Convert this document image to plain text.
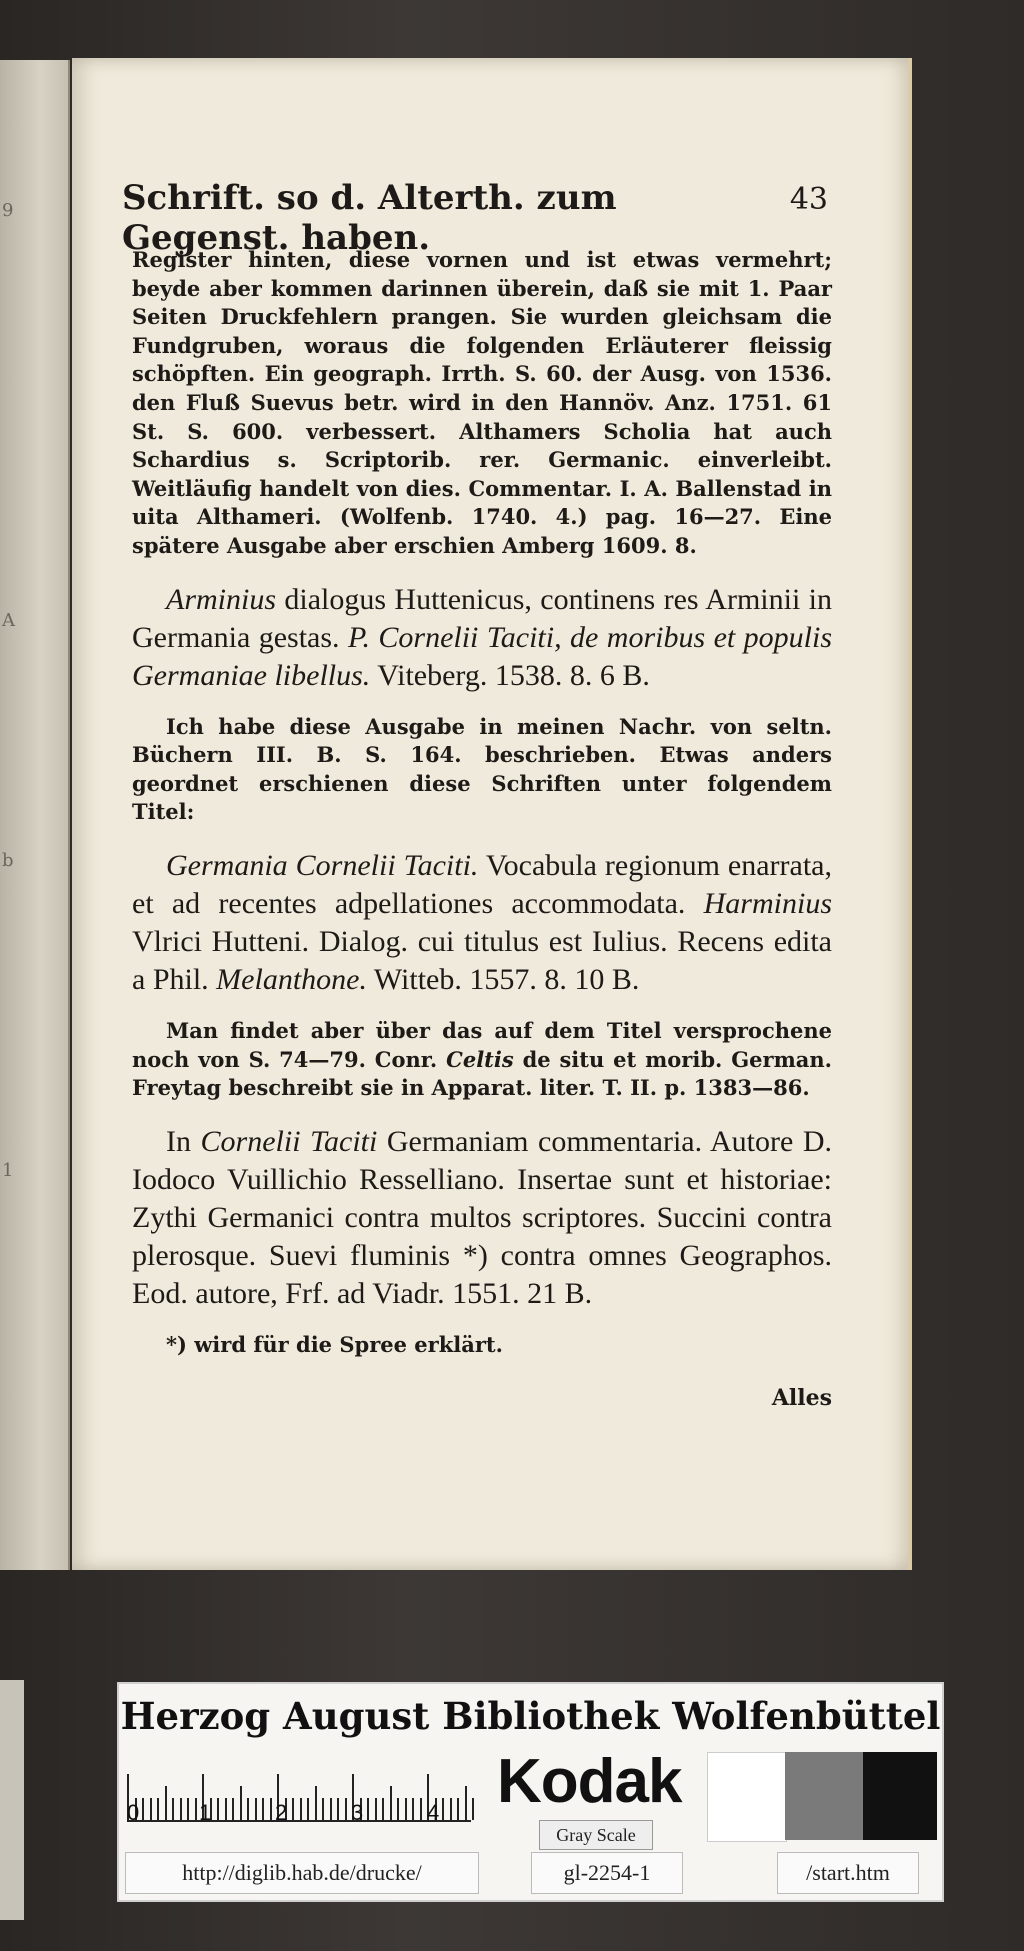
9
A
b
1
Schrift. so d. Alterth. zum Gegenst. haben.
43

Register hinten, diese vornen und ist etwas vermehrt; beyde aber kommen darinnen überein, daß sie mit 1. Paar Seiten Druckfehlern prangen. Sie wurden gleichsam die Fundgruben, woraus die folgenden Erläuterer fleissig schöpften. Ein geograph. Irrth. S. 60. der Ausg. von 1536. den Fluß Suevus betr. wird in den Hannöv. Anz. 1751. 61 St. S. 600. verbessert. Althamers Scholia hat auch Schardius s. Scriptorib. rer. Germanic. einverleibt. Weitläufig handelt von dies. Commentar. I. A. Ballenstad in uita Althameri. (Wolfenb. 1740. 4.) pag. 16—27. Eine spätere Ausgabe aber erschien Amberg 1609. 8.

Arminius dialogus Huttenicus, continens res Arminii in Germania gestas. P. Cornelii Taciti, de moribus et populis Germaniae libellus. Viteberg. 1538. 8. 6 B.

Ich habe diese Ausgabe in meinen Nachr. von seltn. Büchern III. B. S. 164. beschrieben. Etwas anders geordnet erschienen diese Schriften unter folgendem Titel:

Germania Cornelii Taciti. Vocabula regionum enarrata, et ad recentes adpellationes accommodata. Harminius Vlrici Hutteni. Dialog. cui titulus est Iulius. Recens edita a Phil. Melanthone. Witteb. 1557. 8. 10 B.

Man findet aber über das auf dem Titel versprochene noch von S. 74—79. Conr. Celtis de situ et morib. German. Freytag beschreibt sie in Apparat. liter. T. II. p. 1383—86.

In Cornelii Taciti Germaniam commentaria. Autore D. Iodoco Vuillichio Resselliano. Insertae sunt et historiae: Zythi Germanici contra multos scriptores. Succini contra plerosque. Suevi fluminis *) contra omnes Geographos. Eod. autore, Frf. ad Viadr. 1551. 21 B.

*) wird für die Spree erklärt.

Alles
Herzog August Bibliothek Wolfenbüttel
0	1	2	3	4 Kodak
Gray Scale
http://diglib.hab.de/drucke/	gl-2254-1	/start.htm
